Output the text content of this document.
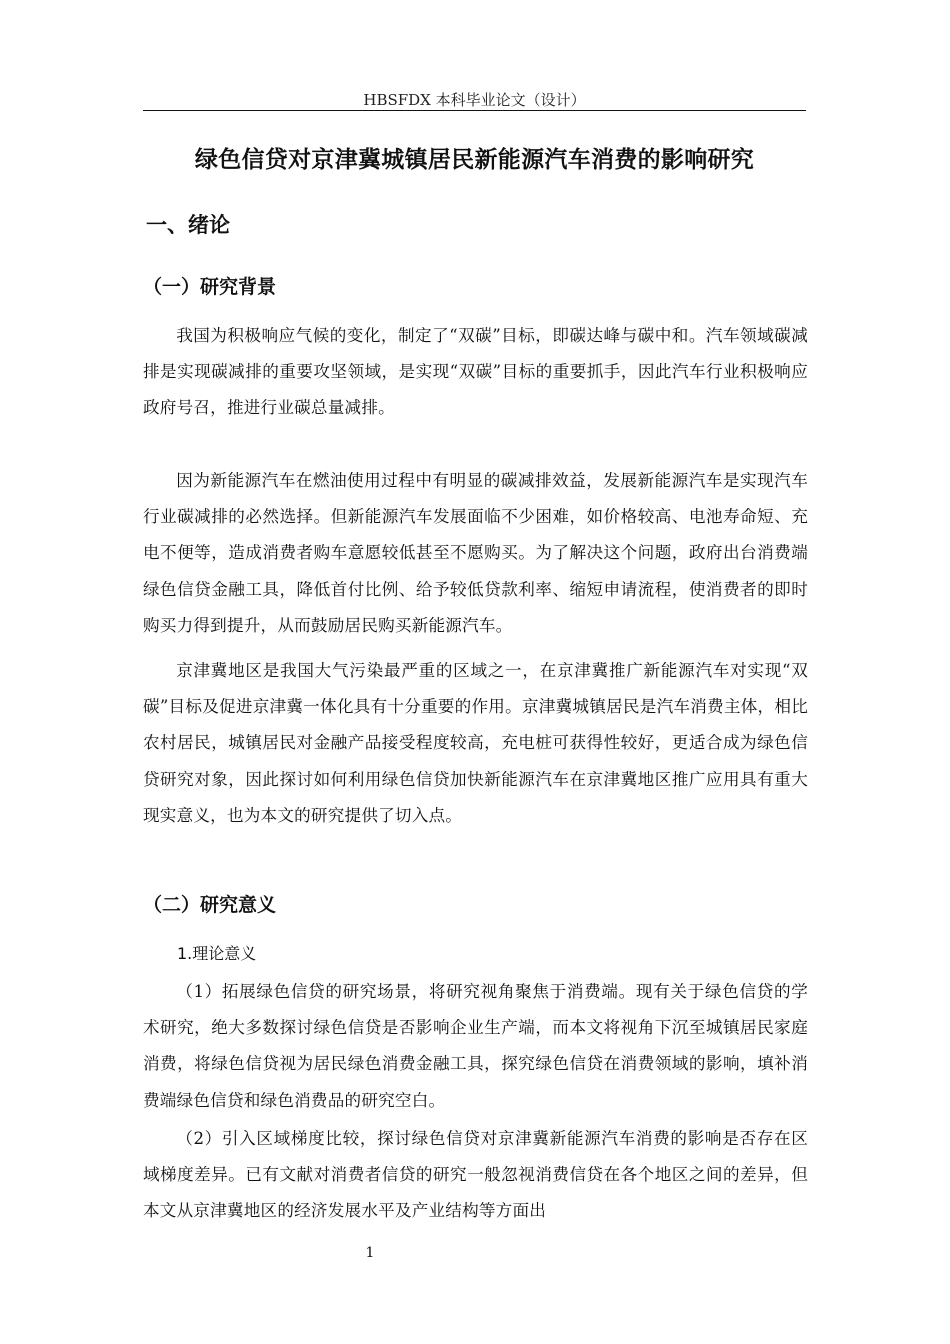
HBSFDX 本科毕业论文（设计）
绿色信贷对京津冀城镇居民新能源汽车消费的影响研究
一、绪论
（一）研究背景

我国为积极响应气候的变化，制定了“双碳”目标，即碳达峰与碳中和。汽车领域碳减排是实现碳减排的重要攻坚领域，是实现“双碳”目标的重要抓手，因此汽车行业积极响应政府号召，推进行业碳总量减排。

因为新能源汽车在燃油使用过程中有明显的碳减排效益，发展新能源汽车是实现汽车行业碳减排的必然选择。但新能源汽车发展面临不少困难，如价格较高、电池寿命短、充电不便等，造成消费者购车意愿较低甚至不愿购买。为了解决这个问题，政府出台消费端绿色信贷金融工具，降低首付比例、给予较低贷款利率、缩短申请流程，使消费者的即时购买力得到提升，从而鼓励居民购买新能源汽车。

京津冀地区是我国大气污染最严重的区域之一，在京津冀推广新能源汽车对实现“双碳”目标及促进京津冀一体化具有十分重要的作用。京津冀城镇居民是汽车消费主体，相比农村居民，城镇居民对金融产品接受程度较高，充电桩可获得性较好，更适合成为绿色信贷研究对象，因此探讨如何利用绿色信贷加快新能源汽车在京津冀地区推广应用具有重大现实意义，也为本文的研究提供了切入点。

（二）研究意义
1.理论意义

（1）拓展绿色信贷的研究场景，将研究视角聚焦于消费端。现有关于绿色信贷的学术研究，绝大多数探讨绿色信贷是否影响企业生产端，而本文将视角下沉至城镇居民家庭消费，将绿色信贷视为居民绿色消费金融工具，探究绿色信贷在消费领域的影响，填补消费端绿色信贷和绿色消费品的研究空白。

（2）引入区域梯度比较，探讨绿色信贷对京津冀新能源汽车消费的影响是否存在区域梯度差异。已有文献对消费者信贷的研究一般忽视消费信贷在各个地区之间的差异，但本文从京津冀地区的经济发展水平及产业结构等方面出

1
